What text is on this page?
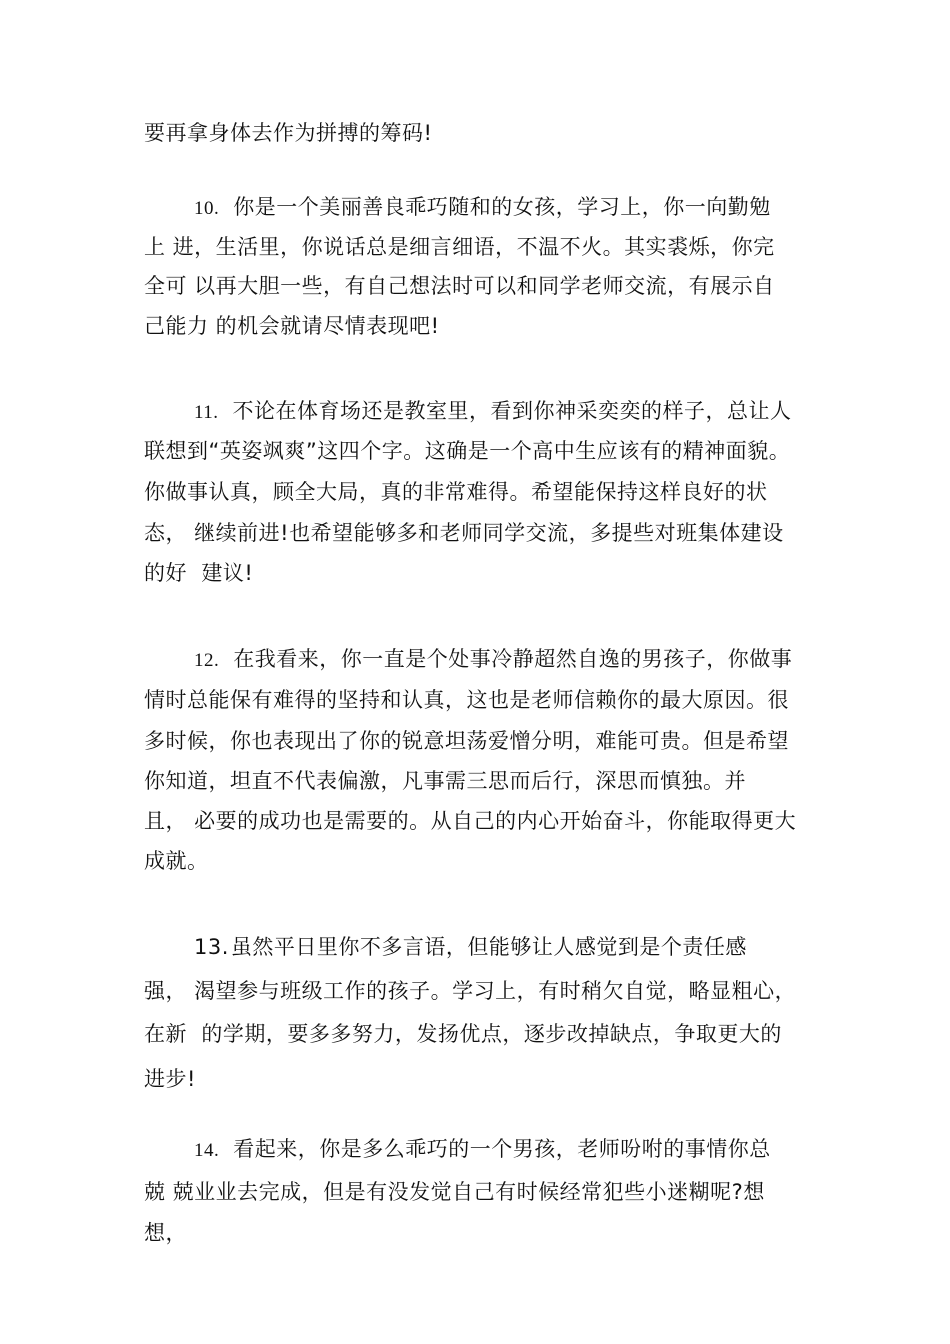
要再拿身体去作为拼搏的筹码!
10. 你是一个美丽善良乖巧随和的女孩，学习上，你一向勤勉
上 进，生活里，你说话总是细言细语，不温不火。其实裘烁，你完
全可 以再大胆一些，有自己想法时可以和同学老师交流，有展示自
己能力 的机会就请尽情表现吧!
11. 不论在体育场还是教室里，看到你神采奕奕的样子，总让人
联想到“英姿飒爽”这四个字。这确是一个高中生应该有的精神面貌。
你做事认真，顾全大局，真的非常难得。希望能保持这样良好的状
态， 继续前进!也希望能够多和老师同学交流，多提些对班集体建设
的好  建议!
12. 在我看来，你一直是个处事冷静超然自逸的男孩子，你做事
情时总能保有难得的坚持和认真，这也是老师信赖你的最大原因。很
多时候，你也表现出了你的锐意坦荡爱憎分明，难能可贵。但是希望
你知道，坦直不代表偏激，凡事需三思而后行，深思而慎独。并
且， 必要的成功也是需要的。从自己的内心开始奋斗，你能取得更大
成就。
13.虽然平日里你不多言语，但能够让人感觉到是个责任感
强， 渴望参与班级工作的孩子。学习上，有时稍欠自觉，略显粗心，
在新  的学期，要多多努力，发扬优点，逐步改掉缺点，争取更大的
进步!
14. 看起来，你是多么乖巧的一个男孩，老师吩咐的事情你总
兢 兢业业去完成，但是有没发觉自己有时候经常犯些小迷糊呢?想
想，
